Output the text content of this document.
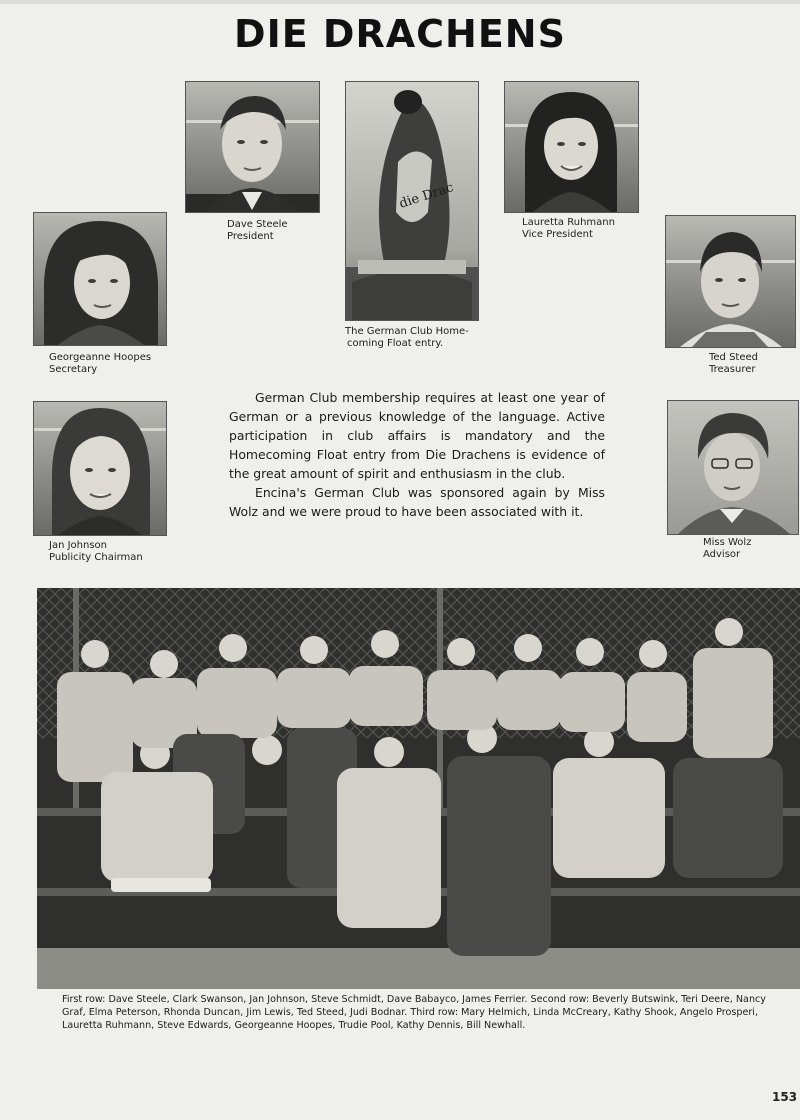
DIE DRACHENS
Dave Steele
President
die Drac
The German Club Home-
coming Float entry.
Lauretta Ruhmann
Vice President
Georgeanne Hoopes
Secretary
Ted Steed
Treasurer
Jan Johnson
Publicity Chairman
Miss Wolz
Advisor

German Club membership requires at least one year of German or a previous knowledge of the language. Active participation in club affairs is mandatory and the Homecoming Float entry from Die Drachens is evidence of the great amount of spirit and enthusiasm in the club.

Encina's German Club was sponsored again by Miss Wolz and we were proud to have been associated with it.

First row: Dave Steele, Clark Swanson, Jan Johnson, Steve Schmidt, Dave Babayco, James Ferrier. Second row: Beverly Butswink, Teri Deere, Nancy Graf, Elma Peterson, Rhonda Duncan, Jim Lewis, Ted Steed, Judi Bodnar. Third row: Mary Helmich, Linda McCreary, Kathy Shook, Angelo Prosperi, Lauretta Ruhmann, Steve Edwards, Georgeanne Hoopes, Trudie Pool, Kathy Dennis, Bill Newhall.
153
